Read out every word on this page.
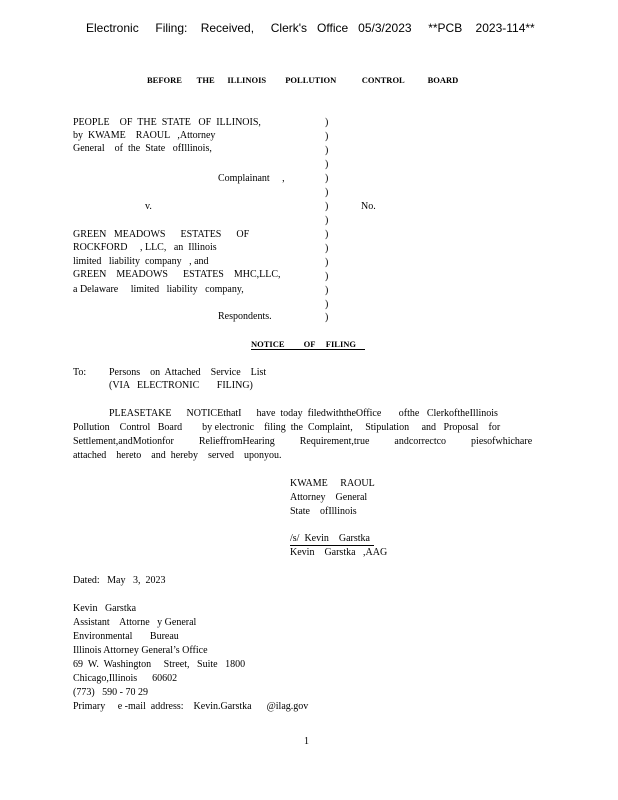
Electronic     Filing:    Received,     Clerk's   Office   05/3/2023     **PCB    2023-114**
BEFORE       THE      ILLINOIS         POLLUTION            CONTROL           BOARD
PEOPLE    OF  THE  STATE   OF  ILLINOIS,
by  KWAME    RAOUL   ,Attorney
General    of  the  State   ofIllinois,
Complainant     ,
v.	No.
GREEN   MEADOWS      ESTATES      OF
ROCKFORD     , LLC,   an  Illinois
limited   liability  company   , and
GREEN    MEADOWS      ESTATES    MHC,LLC,
a Delaware     limited   liability   company,
Respondents.
)
)
)
)
)
)
)
)
)
)
)
)
)
)
)
NOTICE         OF     FILING
To: Persons    on  Attached    Service    List
(VIA   ELECTRONIC       FILING)
PLEASETAKE      NOTICEthatI      have  today  filedwiththeOffice       ofthe   ClerkoftheIllinois
Pollution    Control   Board        by electronic    filing  the  Complaint,     Stipulation     and   Proposal    for
Settlement,andMotionfor          RelieffromHearing          Requirement,true          andcorrectco          piesofwhichare
attached    hereto    and  hereby    served    uponyou.
KWAME     RAOUL
Attorney    General
State    ofIllinois
/s/  Kevin    Garstka
Kevin    Garstka   ,AAG
Dated:   May   3,  2023
Kevin   Garstka
Assistant    Attorne   y General
Environmental       Bureau
Illinois Attorney General’s Office
69  W.  Washington     Street,   Suite   1800
Chicago,Illinois      60602
(773)   590 - 70 29
Primary     e -mail  address:    Kevin.Garstka      @ilag.gov
1
